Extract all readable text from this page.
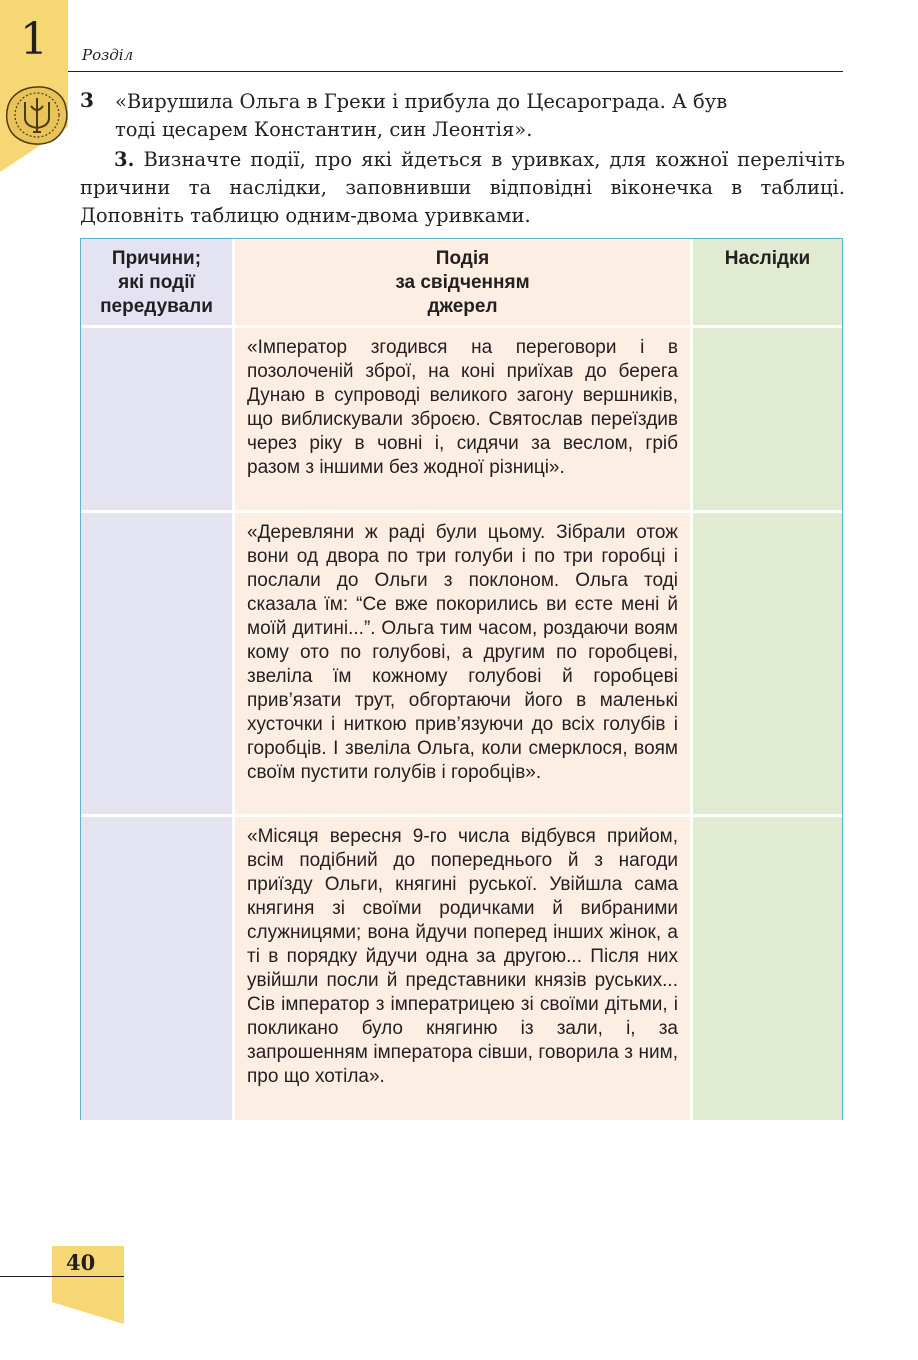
1 Розділ
3 «Вирушила Ольга в Греки і прибула до Цесарограда. А був
тоді цесарем Константин, син Леонтія».
3. Визначте події, про які йдеться в уривках, для кожної перелічіть причини та наслідки, заповнивши відповідні віконечка в таблиці. Доповніть таблицю одним-двома уривками.
Причини;
які події
передували
Подія
за свідченням
джерел
Наслідки
«Імператор згодився на переговори і в позолоченій зброї, на коні приїхав до берега Дунаю в супроводі великого загону вершників, що виблискували зброєю. Святослав переїздив через ріку в човні і, сидячи за веслом, гріб разом з іншими без жодної різниці».
«Деревляни ж раді були цьому. Зібрали отож вони од двора по три голуби і по три горобці і послали до Ольги з поклоном. Ольга тоді сказала їм: “Се вже покорились ви єсте мені й моїй дитині...”. Ольга тим часом, роздаючи воям кому ото по голубові, а другим по горобцеві, звеліла їм кожному голубові й горобцеві прив’язати трут, обгортаючи його в маленькі хусточки і ниткою прив’язуючи до всіх голубів і горобців. І звеліла Ольга, коли смерклося, воям своїм пустити голубів і горобців».
«Місяця вересня 9-го числа відбувся прийом, всім подібний до попереднього й з нагоди приїзду Ольги, княгині руської. Увійшла сама княгиня зі своїми родичками й вибраними служницями; вона йдучи поперед інших жінок, а ті в порядку йдучи одна за другою... Після них увійшли посли й представники князів руських... Сів імператор з імператрицею зі своїми дітьми, і покликано було княгиню із зали, і, за запрошенням імператора сівши, говорила з ним, про що хотіла».
40
